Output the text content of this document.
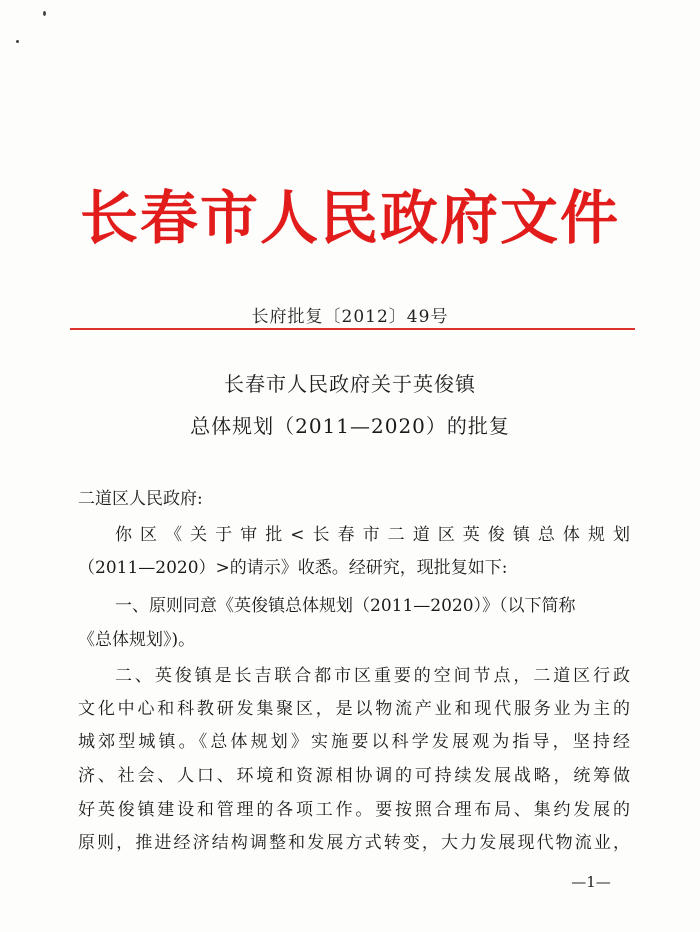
长春市人民政府文件
长府批复〔2012〕49号
长春市人民政府关于英俊镇
总体规划（2011—2020）的批复
二道区人民政府:
你区《关于审批<长春市二道区英俊镇总体规划
（2011—2020）>的请示》收悉。经研究，现批复如下:
一、原则同意《英俊镇总体规划（2011—2020）》（以下简称
《总体规划》)。
二、英俊镇是长吉联合都市区重要的空间节点，二道区行政
文化中心和科教研发集聚区，是以物流产业和现代服务业为主的
城郊型城镇。《总体规划》实施要以科学发展观为指导，坚持经
济、社会、人口、环境和资源相协调的可持续发展战略，统筹做
好英俊镇建设和管理的各项工作。要按照合理布局、集约发展的
原则，推进经济结构调整和发展方式转变，大力发展现代物流业，
—1—
